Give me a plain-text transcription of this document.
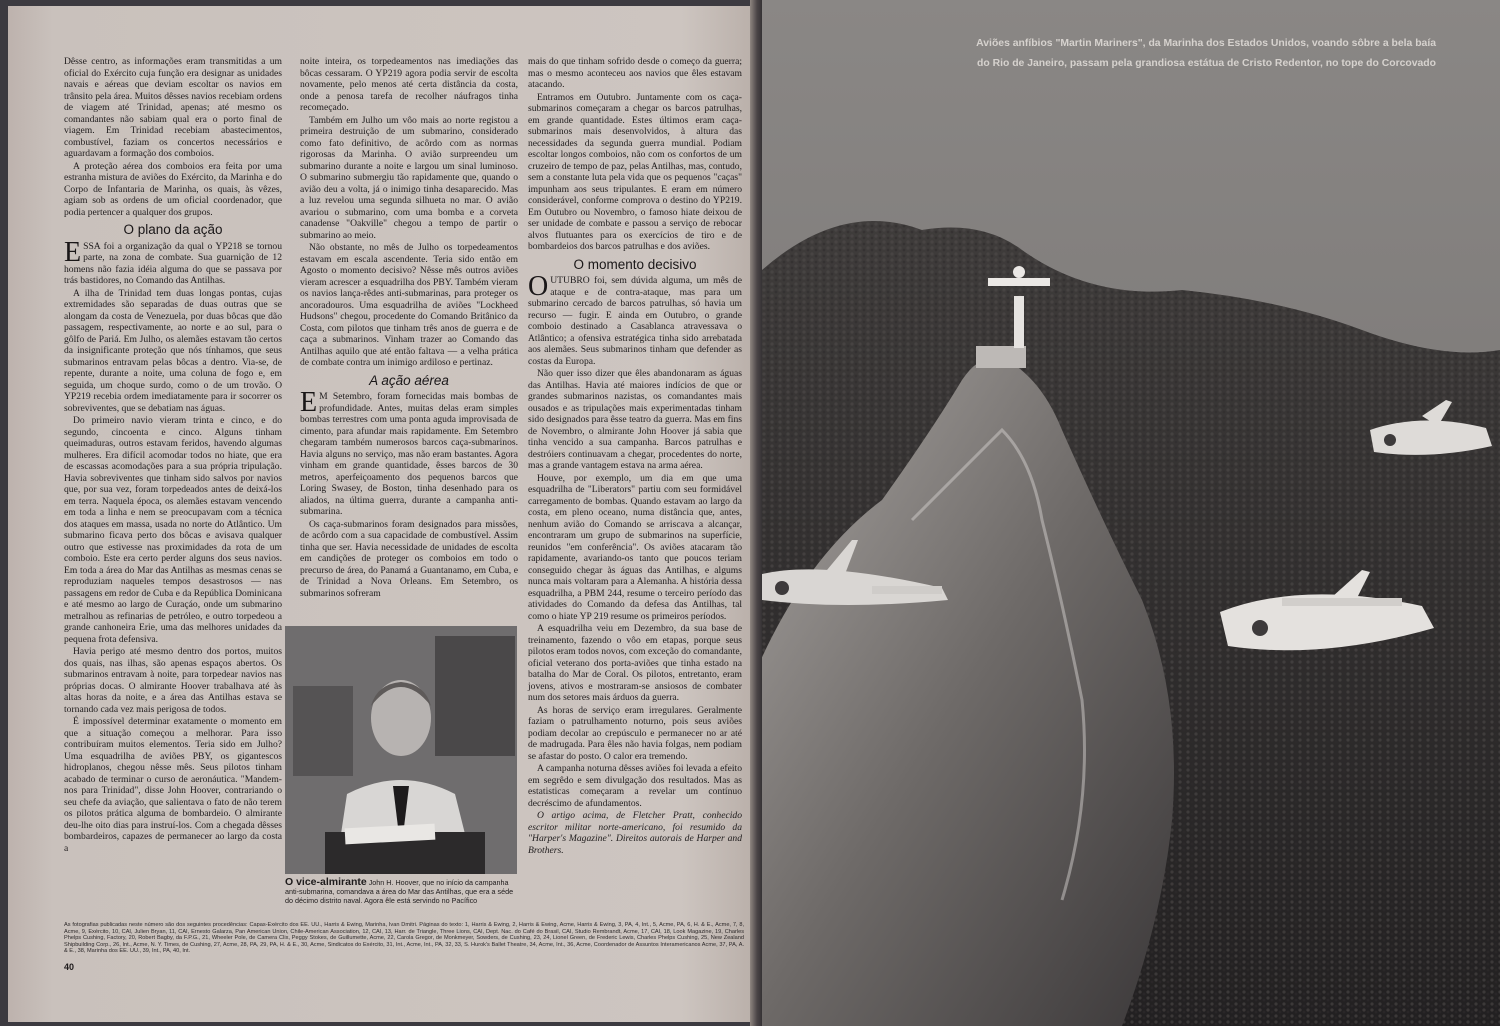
Dêsse centro, as informações eram transmitidas a um oficial do Exército cuja função era designar as unidades navais e aéreas que deviam escoltar os navios em trânsito pela área. Muitos dêsses navios recebiam ordens de viagem até Trinidad, apenas; até mesmo os comandantes não sabiam qual era o porto final de viagem. Em Trinidad recebiam abastecimentos, combustível, faziam os concertos necessários e aguardavam a formação dos comboios.

A proteção aérea dos comboios era feita por uma estranha mistura de aviões do Exército, da Marinha e do Corpo de Infantaria de Marinha, os quais, às vêzes, agiam sob as ordens de um oficial coordenador, que podia pertencer a qualquer dos grupos.

O plano da ação

ESSA foi a organização da qual o YP218 se tornou parte, na zona de combate. Sua guarnição de 12 homens não fazia idéia alguma do que se passava por trás bastidores, no Comando das Antilhas.

A ilha de Trinidad tem duas longas pontas, cujas extremidades são separadas de duas outras que se alongam da costa de Venezuela, por duas bôcas que dão passagem, respectivamente, ao norte e ao sul, para o gôlfo de Pariá. Em Julho, os alemães estavam tão certos da insignificante proteção que nós tínhamos, que seus submarinos entravam pelas bôcas a dentro. Via-se, de repente, durante a noite, uma coluna de fogo e, em seguida, um choque surdo, como o de um trovão. O YP219 recebia ordem imediatamente para ir socorrer os sobreviventes, que se debatiam nas águas.

Do primeiro navio vieram trinta e cinco, e do segundo, cincoenta e cinco. Alguns tinham queimaduras, outros estavam feridos, havendo algumas mulheres. Era difícil acomodar todos no hiate, que era de escassas acomodações para a sua própria tripulação. Havia sobreviventes que tinham sido salvos por navios que, por sua vez, foram torpedeados antes de deixá-los em terra. Naquela época, os alemães estavam vencendo em toda a linha e nem se preocupavam com a técnica dos ataques em massa, usada no norte do Atlântico. Um submarino ficava perto dos bôcas e avisava qualquer outro que estivesse nas proximidades da rota de um comboio. Este era certo perder alguns dos seus navios. Em toda a área do Mar das Antilhas as mesmas cenas se reproduziam naqueles tempos desastrosos — nas passagens em redor de Cuba e da República Dominicana e até mesmo ao largo de Curaçáo, onde um submarino metralhou as refinarias de petróleo, e outro torpedeou a grande canhoneira Erie, uma das melhores unidades da pequena frota defensiva.

Havia perigo até mesmo dentro dos portos, muitos dos quais, nas ilhas, são apenas espaços abertos. Os submarinos entravam à noite, para torpedear navios nas próprias docas. O almirante Hoover trabalhava até às altas horas da noite, e a área das Antilhas estava se tornando cada vez mais perigosa de todos.

É impossível determinar exatamente o momento em que a situação começou a melhorar. Para isso contribuíram muitos elementos. Teria sido em Julho? Uma esquadrilha de aviões PBY, os gigantescos hidroplanos, chegou nêsse mês. Seus pilotos tinham acabado de terminar o curso de aeronáutica. "Mandem-nos para Trinidad", disse John Hoover, contrariando o seu chefe da aviação, que salientava o fato de não terem os pilotos prática alguma de bombardeio. O almirante deu-lhe oito dias para instruí-los. Com a chegada dêsses bombardeiros, capazes de permanecer ao largo da costa a

noite inteira, os torpedeamentos nas imediações das bôcas cessaram. O YP219 agora podia servir de escolta novamente, pelo menos até certa distância da costa, onde a penosa tarefa de recolher náufragos tinha recomeçado.

Também em Julho um vôo mais ao norte registou a primeira destruição de um submarino, considerado como fato definitivo, de acôrdo com as normas rigorosas da Marinha. O avião surpreendeu um submarino durante a noite e largou um sinal luminoso. O submarino submergiu tão rapidamente que, quando o avião deu a volta, já o inimigo tinha desaparecido. Mas a luz revelou uma segunda silhueta no mar. O avião avariou o submarino, com uma bomba e a corveta canadense "Oakville" chegou a tempo de partir o submarino ao meio.

Não obstante, no mês de Julho os torpedeamentos estavam em escala ascendente. Teria sido então em Agosto o momento decisivo? Nêsse mês outros aviões vieram acrescer a esquadrilha dos PBY. Também vieram os navios lança-rêdes anti-submarinas, para proteger os ancoradouros. Uma esquadrilha de aviões "Lockheed Hudsons" chegou, procedente do Comando Britânico da Costa, com pilotos que tinham três anos de guerra e de caça a submarinos. Vinham trazer ao Comando das Antilhas aquilo que até então faltava — a velha prática de combate contra um inimigo ardiloso e pertinaz.

A ação aérea

E M Setembro, foram fornecidas mais bombas de profundidade. Antes, muitas delas eram simples bombas terrestres com uma ponta aguda improvisada de cimento, para afundar mais rapidamente. Em Setembro chegaram também numerosos barcos caça-submarinos. Havia alguns no serviço, mas não eram bastantes. Agora vinham em grande quantidade, êsses barcos de 30 metros, aperfeiçoamento dos pequenos barcos que Loring Swasey, de Boston, tinha desenhado para os aliados, na última guerra, durante a campanha anti-submarina.

Os caça-submarinos foram designados para missões, de acôrdo com a sua capacidade de combustível. Assim tinha que ser. Havia necessidade de unidades de escolta em candições de proteger os comboios em todo o precurso de área, do Panamá a Guantanamo, em Cuba, e de Trinidad a Nova Orleans. Em Setembro, os submarinos sofreram

O vice-almirante John H. Hoover, que no início da campanha anti-submarina, comandava a área do Mar das Antilhas, que era a séde do décimo distrito naval. Agora êle está servindo no Pacífico

mais do que tinham sofrido desde o começo da guerra; mas o mesmo aconteceu aos navios que êles estavam atacando.

Entramos em Outubro. Juntamente com os caça-submarinos começaram a chegar os barcos patrulhas, em grande quantidade. Estes últimos eram caça-submarinos mais desenvolvidos, à altura das necessidades da segunda guerra mundial. Podiam escoltar longos comboios, não com os confortos de um cruzeiro de tempo de paz, pelas Antilhas, mas, contudo, sem a constante luta pela vida que os pequenos "caças" impunham aos seus tripulantes. E eram em número considerável, conforme comprova o destino do YP219. Em Outubro ou Novembro, o famoso hiate deixou de ser unidade de combate e passou a serviço de rebocar alvos flutuantes para os exercícios de tiro e de bombardeios dos barcos patrulhas e dos aviões.

O momento decisivo

OUTUBRO foi, sem dúvida alguma, um mês de ataque e de contra-ataque, mas para um submarino cercado de barcos patrulhas, só havia um recurso — fugir. E ainda em Outubro, o grande comboio destinado a Casablanca atravessava o Atlântico; a ofensiva estratégica tinha sido arrebatada aos alemães. Seus submarinos tinham que defender as costas da Europa.

Não quer isso dizer que êles abandonaram as águas das Antilhas. Havia até maiores indícios de que or grandes submarinos nazistas, os comandantes mais ousados e as tripulações mais experimentadas tinham sido designados para êsse teatro da guerra. Mas em fins de Novembro, o almirante John Hoover já sabia que tinha vencido a sua campanha. Barcos patrulhas e destróiers continuavam a chegar, procedentes do norte, mas a grande vantagem estava na arma aérea.

Houve, por exemplo, um dia em que uma esquadrilha de "Liberators" partiu com seu formidável carregamento de bombas. Quando estavam ao largo da costa, em pleno oceano, numa distância que, antes, nenhum avião do Comando se arriscava a alcançar, encontraram um grupo de submarinos na superfície, reunidos "em conferência". Os aviões atacaram tão rapidamente, avariando-os tanto que poucos teriam conseguido chegar às águas das Antilhas, e algums nunca mais voltaram para a Alemanha. A história dessa esquadrilha, a PBM 244, resume o terceiro período das atividades do Comando da defesa das Antilhas, tal como o hiate YP 219 resume os primeiros períodos.

A esquadrilha veiu em Dezembro, da sua base de treinamento, fazendo o vôo em etapas, porque seus pilotos eram todos novos, com exceção do comandante, oficial veterano dos porta-aviões que tinha estado na batalha do Mar de Coral. Os pilotos, entretanto, eram jovens, ativos e mostraram-se ansiosos de combater num dos setores mais árduos da guerra.

As horas de serviço eram irregulares. Geralmente faziam o patrulhamento noturno, pois seus aviões podiam decolar ao crepúsculo e permanecer no ar até de madrugada. Para êles não havia folgas, nem podiam se afastar do posto. O calor era tremendo.

A campanha noturna dêsses aviões foi levada a efeito em segrêdo e sem divulgação dos resultados. Mas as estatisticas começaram a revelar um contínuo decréscimo de afundamentos.

O artigo acima, de Fletcher Pratt, conhecido escritor militar norte-americano, foi resumido da "Harper's Magazine". Direitos autorais de Harper and Brothers.

As fotografias publicadas neste número são dos seguintes procedências: Capas-Exército dos EE. UU., Harris & Ewing, Marinha, Ivan Dmitri. Páginas do texto: 1, Harris & Ewing, 2, Harris & Ewing, Acme, Harris & Ewing, 3, PA, 4, Int., 5, Acme, PA, 6, H. & E., Acme, 7, 8, Acme, 9, Exército, 10, CAI, Julien Bryan, 11, CAI, Ernesto Galarza, Pan American Union, Chile-American Association, 12, CAI, 13, Harr. de Triangle, Three Lions, CAI, Dept. Nac. do Café do Brasil, CAI, Studio Rembrandt, Acme, 17, CAI, 18, Look Magazine, 19, Charles Phelps Cushing, Factory, 20, Robert Bagby, da F.P.G., 21, Wheeler Pole, de Camera Clix, Peggy Stokes, de Guillumette, Acme, 22, Carola Gregor, de Monkmeyer, Sowders, de Cushing, 23, 24, Lionel Green, de Frederic Lewis, Charles Phelps Cushing, 25, New Zealand Shipbuilding Corp., 26, Int., Acme, N. Y. Times, de Cushing, 27, Acme, 28, PA, 29, PA, H. & E., 30, Acme, Sindicatos do Exército, 31, Int., Acme, Int., PA, 32, 33, S. Hurok's Ballet Theatre, 34, Acme, Int., 36, Acme, Coordenador de Assuntos Interamericanos Acme, 37, PA, A. & E., 38, Marinha dos EE. UU., 39, Int., PA, 40, Int.
40
Aviões anfíbios "Martin Mariners", da Marinha dos Estados Unidos, voando sôbre a bela baía
do Rio de Janeiro, passam pela grandiosa estátua de Cristo Redentor, no tope do Corcovado
